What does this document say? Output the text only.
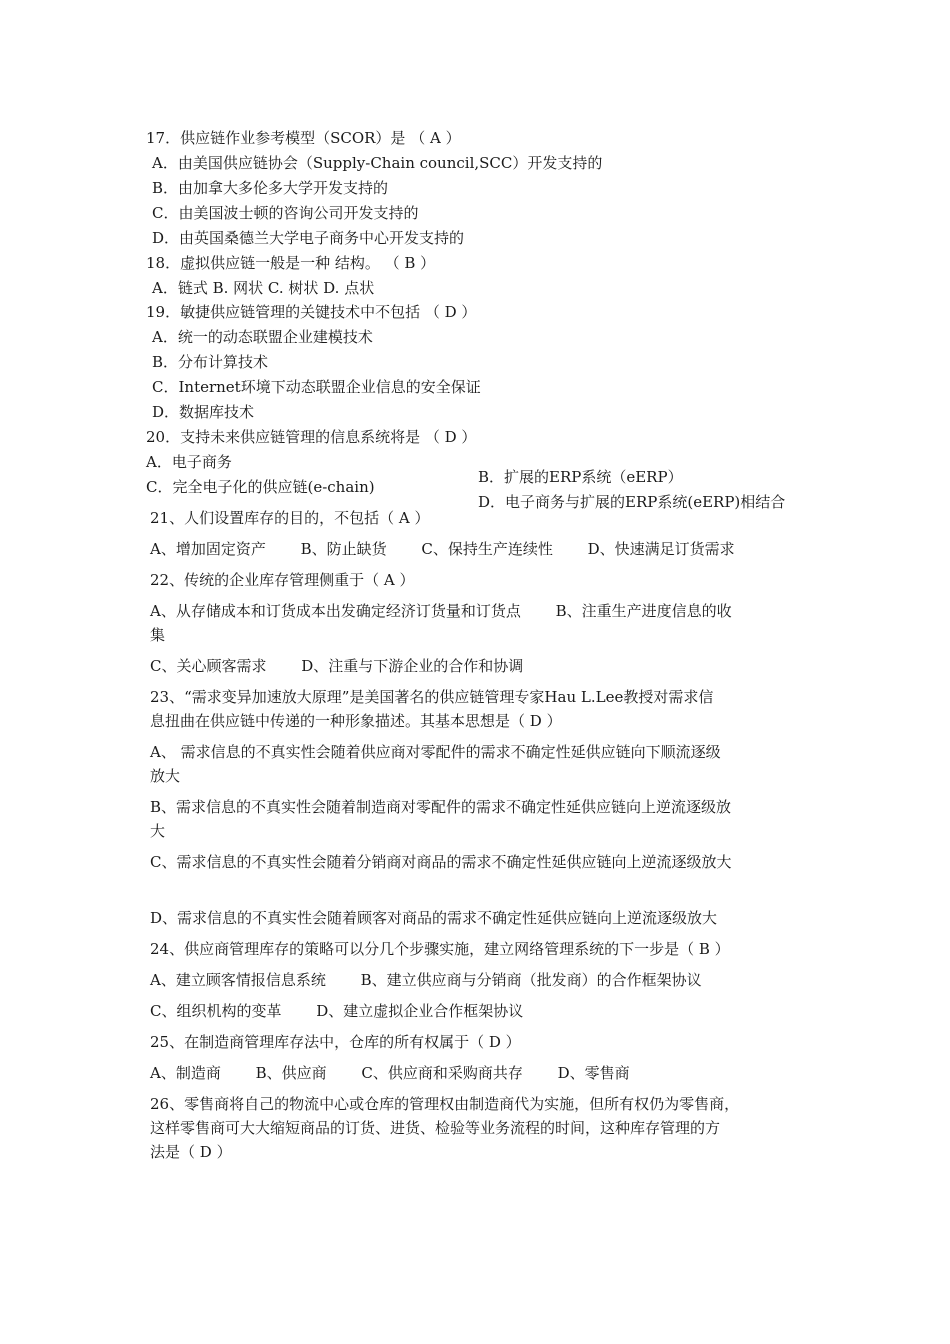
17．供应链作业参考模型（SCOR）是 （ A ）

A．由美国供应链协会（Supply-Chain council,SCC）开发支持的

B．由加拿大多伦多大学开发支持的

C．由美国波士顿的咨询公司开发支持的

D．由英国桑德兰大学电子商务中心开发支持的

18．虚拟供应链一般是一种 结构。 （ B ）

A．链式 B. 网状 C. 树状 D. 点状

19．敏捷供应链管理的关键技术中不包括 （ D ）

A．统一的动态联盟企业建模技术

B．分布计算技术

C．Internet环境下动态联盟企业信息的安全保证

D．数据库技术

20．支持未来供应链管理的信息系统将是 （ D ）

A．电子商务

B．扩展的ERP系统（eERP）

C．完全电子化的供应链(e-chain)

D．电子商务与扩展的ERP系统(eERP)相结合

21、人们设置库存的目的，不包括（ A ）

A、增加固定资产　　 B、防止缺货　　 C、保持生产连续性　　 D、快速满足订货需求

22、传统的企业库存管理侧重于（ A ）

A、从存储成本和订货成本出发确定经济订货量和订货点　　 B、注重生产进度信息的收

集

C、关心顾客需求　　 D、注重与下游企业的合作和协调

23、“需求变异加速放大原理”是美国著名的供应链管理专家Hau L.Lee教授对需求信

息扭曲在供应链中传递的一种形象描述。其基本思想是（ D ）

A、 需求信息的不真实性会随着供应商对零配件的需求不确定性延供应链向下顺流逐级

放大

B、需求信息的不真实性会随着制造商对零配件的需求不确定性延供应链向上逆流逐级放

大

C、需求信息的不真实性会随着分销商对商品的需求不确定性延供应链向上逆流逐级放大

D、需求信息的不真实性会随着顾客对商品的需求不确定性延供应链向上逆流逐级放大

24、供应商管理库存的策略可以分几个步骤实施，建立网络管理系统的下一步是（ B ）

A、建立顾客情报信息系统　　 B、建立供应商与分销商（批发商）的合作框架协议

C、组织机构的变革　　 D、建立虚拟企业合作框架协议

25、在制造商管理库存法中，仓库的所有权属于（ D ）

A、制造商　　 B、供应商　　 C、供应商和采购商共存　　 D、零售商

26、零售商将自己的物流中心或仓库的管理权由制造商代为实施，但所有权仍为零售商，

这样零售商可大大缩短商品的订货、进货、检验等业务流程的时间，这种库存管理的方

法是（ D ）
